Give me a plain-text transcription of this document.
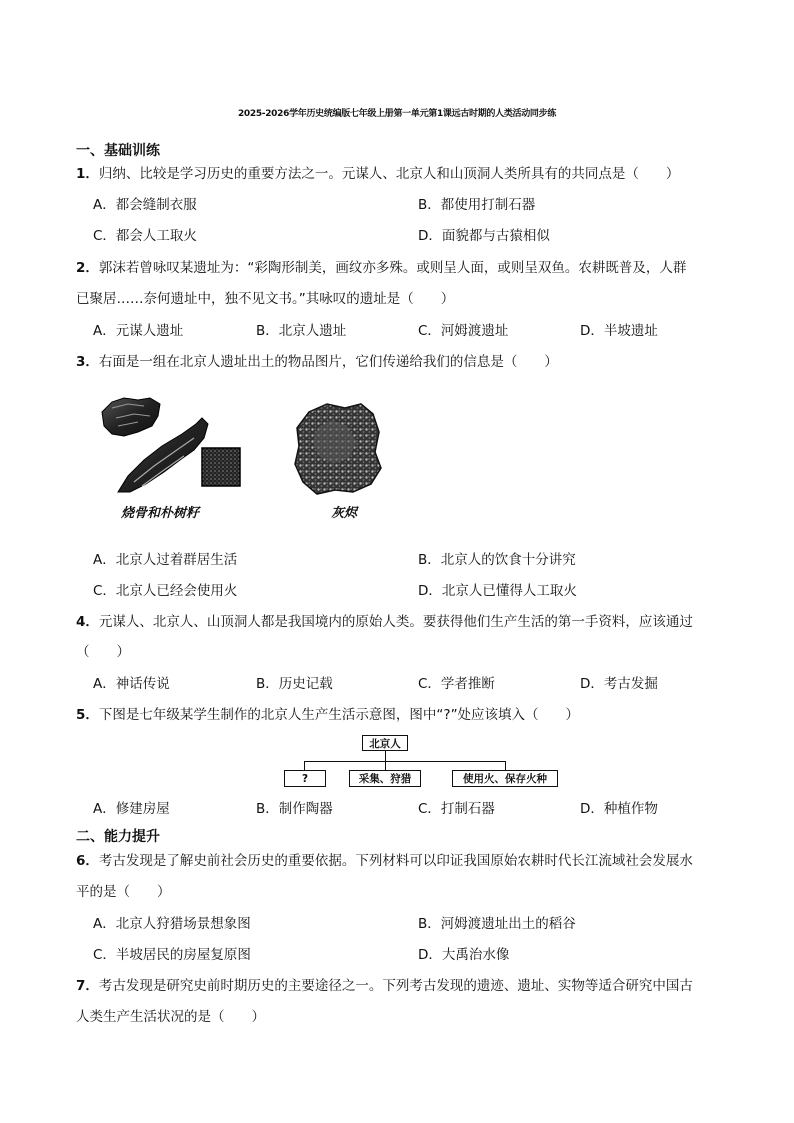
2025-2026学年历史统编版七年级上册第一单元第1课远古时期的人类活动同步练
一、基础训练
1．归纳、比较是学习历史的重要方法之一。元谋人、北京人和山顶洞人类所具有的共同点是（　　）
A．都会缝制衣服	B．都使用打制石器
C．都会人工取火	D．面貌都与古猿相似
2．郭沫若曾咏叹某遗址为：“彩陶形制美，画纹亦多殊。或则呈人面，或则呈双鱼。农耕既普及，人群
已聚居……奈何遗址中，独不见文书。”其咏叹的遗址是（　　）
A．元谋人遗址	B．北京人遗址	C．河姆渡遗址	D．半坡遗址
3．右面是一组在北京人遗址出土的物品图片，它们传递给我们的信息是（　　）
烧骨和朴树籽	灰烬
A．北京人过着群居生活	B．北京人的饮食十分讲究
C．北京人已经会使用火	D．北京人已懂得人工取火
4．元谋人、北京人、山顶洞人都是我国境内的原始人类。要获得他们生产生活的第一手资料，应该通过
（　　）
A．神话传说	B．历史记载	C．学者推断	D．考古发掘
5．下图是七年级某学生制作的北京人生产生活示意图，图中“?”处应该填入（　　）
北京人
?	采集、狩猎	使用火、保存火种
A．修建房屋	B．制作陶器	C．打制石器	D．种植作物
二、能力提升
6．考古发现是了解史前社会历史的重要依据。下列材料可以印证我国原始农耕时代长江流域社会发展水
平的是（　　）
A．北京人狩猎场景想象图	B．河姆渡遗址出土的稻谷
C．半坡居民的房屋复原图	D．大禹治水像
7．考古发现是研究史前时期历史的主要途径之一。下列考古发现的遗迹、遗址、实物等适合研究中国古
人类生产生活状况的是（　　）
